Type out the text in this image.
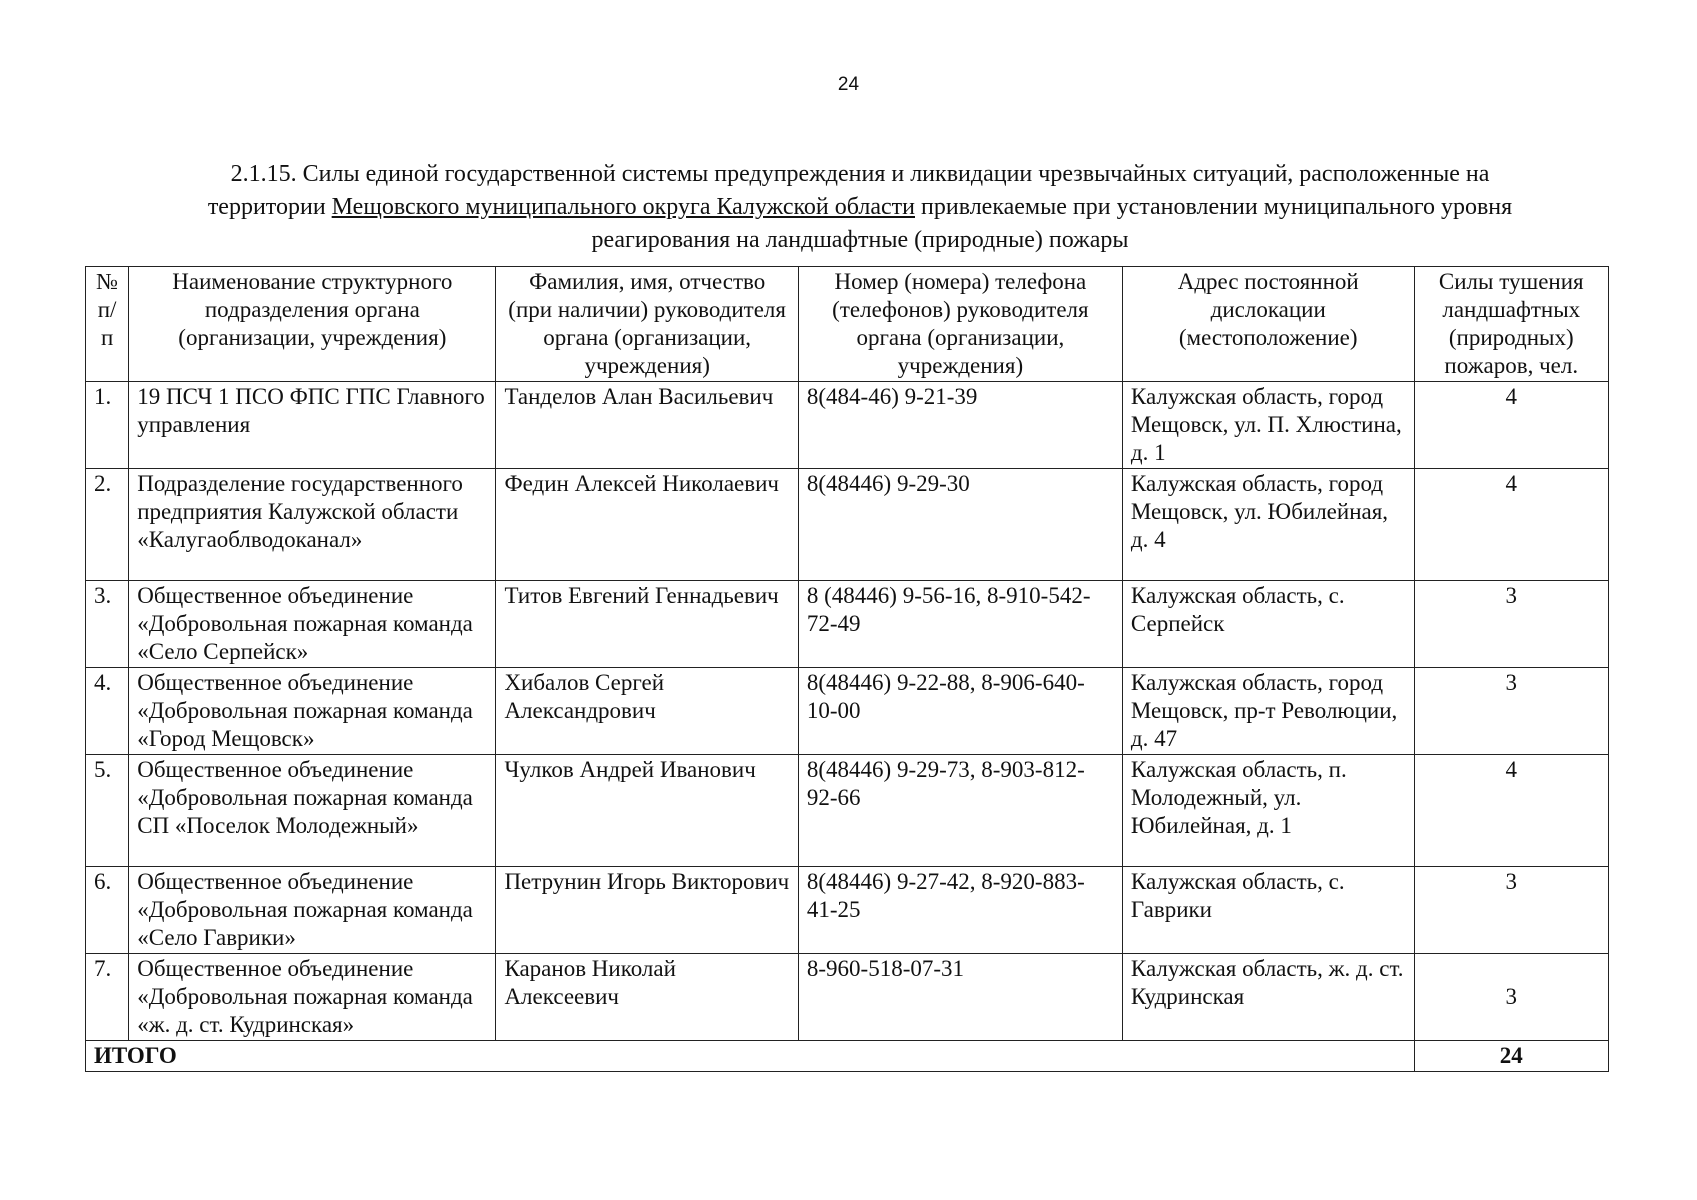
24
2.1.15. Силы единой государственной системы предупреждения и ликвидации чрезвычайных ситуаций, расположенные на
территории Мещовского муниципального округа Калужской области привлекаемые при установлении муниципального уровня
реагирования на ландшафтные (природные) пожары
№ п/п	Наименование структурного подразделения органа (организации, учреждения)	Фамилия, имя, отчество (при наличии) руководителя органа (организации, учреждения)	Номер (номера) телефона (телефонов) руководителя органа (организации, учреждения)	Адрес постоянной дислокации (местоположение)	Силы тушения ландшафтных (природных) пожаров, чел.
1.	19 ПСЧ 1 ПСО ФПС ГПС Главного управления	Танделов Алан Васильевич	8(484-46) 9-21-39	Калужская область, город Мещовск, ул. П. Хлюстина, д. 1	4
2.	Подразделение государственного предприятия Калужской области «Калугаоблводоканал»	Федин Алексей Николаевич	8(48446) 9-29-30	Калужская область, город Мещовск, ул. Юбилейная, д. 4	4
3.	Общественное объединение «Добровольная пожарная команда «Село Серпейск»	Титов Евгений Геннадьевич	8 (48446) 9-56-16, 8-910-542-72-49	Калужская область, с. Серпейск	3
4.	Общественное объединение «Добровольная пожарная команда «Город Мещовск»	Хибалов Сергей Александрович	8(48446) 9-22-88, 8-906-640-10-00	Калужская область, город Мещовск, пр-т Революции, д. 47	3
5.	Общественное объединение «Добровольная пожарная команда СП «Поселок Молодежный»	Чулков Андрей Иванович	8(48446) 9-29-73, 8-903-812-92-66	Калужская область, п. Молодежный, ул. Юбилейная, д. 1	4
6.	Общественное объединение «Добровольная пожарная команда «Село Гаврики»	Петрунин Игорь Викторович	8(48446) 9-27-42, 8-920-883-41-25	Калужская область, с. Гаврики	3
7.	Общественное объединение «Добровольная пожарная команда «ж. д. ст. Кудринская»	Каранов Николай Алексеевич	8-960-518-07-31	Калужская область, ж. д. ст. Кудринская	3
ИТОГО					24
